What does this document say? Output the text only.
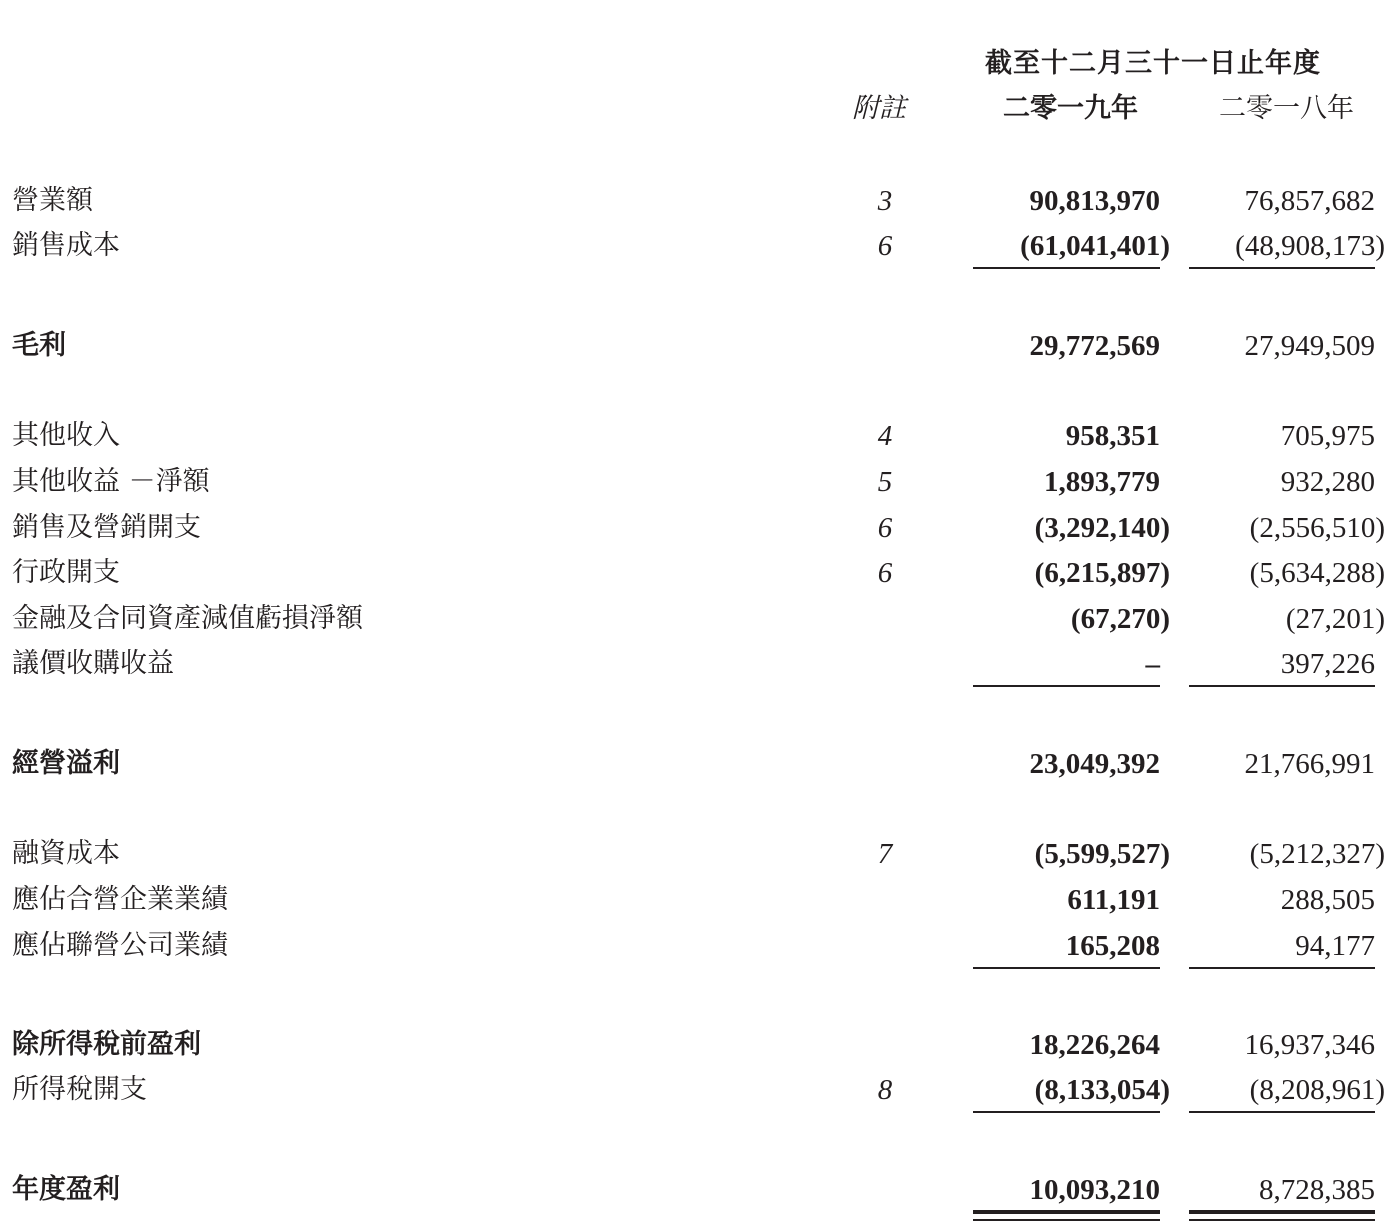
截至十二月三十一日止年度
附註	二零一九年	二零一八年
營業額	3	90,813,970	76,857,682
銷售成本	6	(61,041,401) (48,908,173)
毛利	29,772,569	27,949,509
其他收入	4	958,351	705,975
其他收益 －淨額	5	1,893,779	932,280
銷售及營銷開支	6	(3,292,140)	(2,556,510)
行政開支	6	(6,215,897)	(5,634,288)
金融及合同資產減值虧損淨額	(67,270)	(27,201)
議價收購收益	–	397,226
經營溢利	23,049,392	21,766,991
融資成本	7	(5,599,527)	(5,212,327)
應佔合營企業業績	611,191	288,505
應佔聯營公司業績	165,208	94,177
除所得稅前盈利	18,226,264	16,937,346
所得稅開支	8	(8,133,054)	(8,208,961)
年度盈利	10,093,210	8,728,385
